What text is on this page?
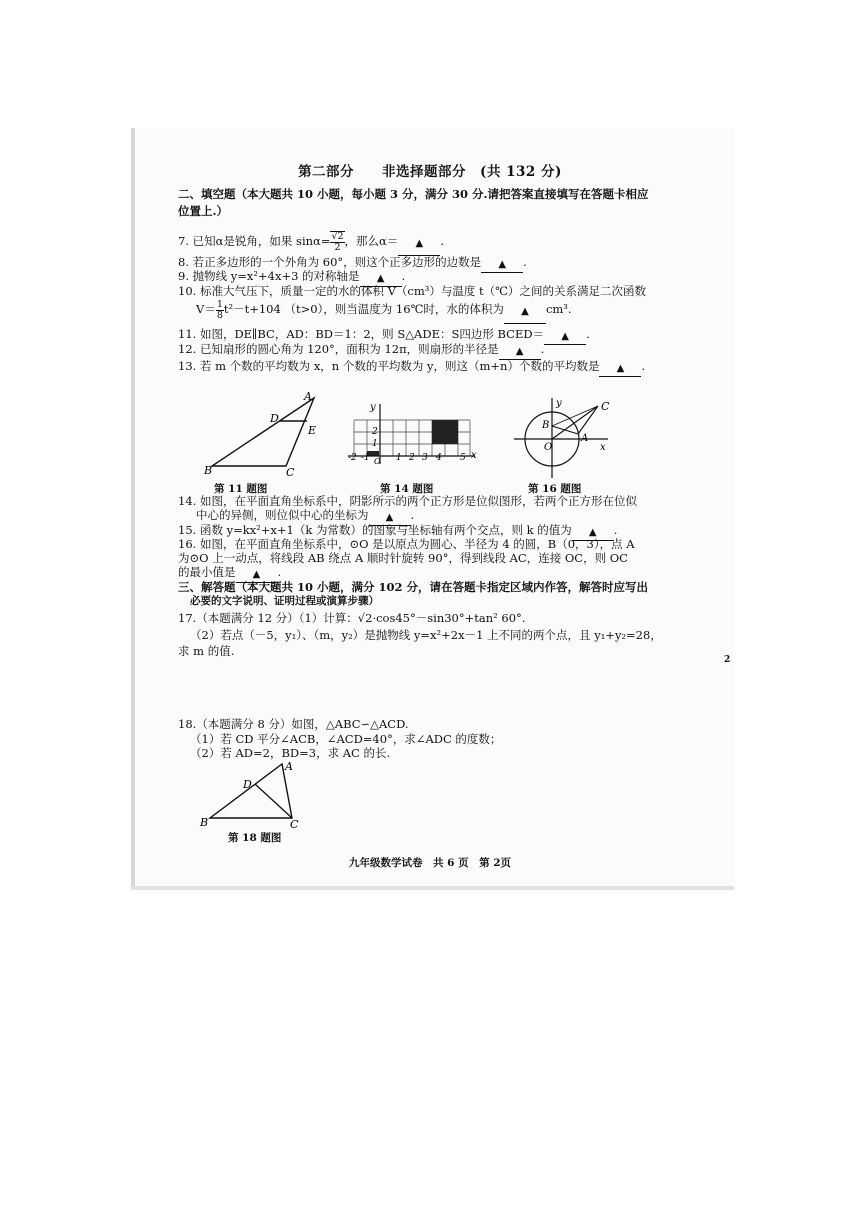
第二部分　　非选择题部分　(共 132 分)
二、填空题（本大题共 10 小题，每小题 3 分，满分 30 分.请把答案直接填写在答题卡相应
位置上.）
7. 已知α是锐角，如果 $\sin\alpha= \frac{√2}{2}$ ，那么α＝ ▲ .
8. 若正多边形的一个外角为 60°，则这个正多边形的边数是 ▲ .
9. 抛物线 y=x²+4x+3 的对称轴是 ▲ .
10. 标准大气压下，质量一定的水的体积 V（cm³）与温度 t（℃）之间的关系满足二次函数
$V= \frac{1}{8} t^2-t+104$ （t>0），则当温度为 16℃时，水的体积为 ▲ cm³.
11. 如图，DE∥BC，AD：BD＝1：2，则 S△ADE：S四边形 BCED＝ ▲ .
12. 已知扇形的圆心角为 120°，面积为 12π，则扇形的半径是 ▲ .
13. 若 m 个数的平均数为 x，n 个数的平均数为 y，则这（m+n）个数的平均数是 ▲ .
A
D
E
B	C
第 11 题图
y
x
1
2
-2 -1 O 1 2 3 4 5
第 14 题图
y	C
B
A
O	x
第 16 题图
14. 如图，在平面直角坐标系中，阴影所示的两个正方形是位似图形，若两个正方形在位似
中心的异侧，则位似中心的坐标为 ▲ .
15. 函数 y=kx²+x+1（k 为常数）的图象与坐标轴有两个交点，则 k 的值为 ▲ .
16. 如图，在平面直角坐标系中，⊙O 是以原点为圆心、半径为 4 的圆，B（0，3），点 A
为⊙O 上一动点，将线段 AB 绕点 A 顺时针旋转 90°，得到线段 AC，连接 OC，则 OC
的最小值是 ▲ .
三、解答题（本大题共 10 小题，满分 102 分，请在答题卡指定区域内作答，解答时应写出
必要的文字说明、证明过程或演算步骤）
17.（本题满分 12 分）（1）计算：√2·cos45°－sin30°+tan² 60°.
（2）若点（－5，y₁）、（m，y₂）是抛物线 y=x²+2x－1 上不同的两个点，且 y₁+y₂=28，
求 m 的值.
2
18.（本题满分 8 分）如图，△ABC∽△ACD.
（1）若 CD 平分∠ACB，∠ACD=40°，求∠ADC 的度数；
（2）若 AD=2，BD=3，求 AC 的长.
A
D
B	C
第 18 题图
九年级数学试卷　共 6 页　第 2页
